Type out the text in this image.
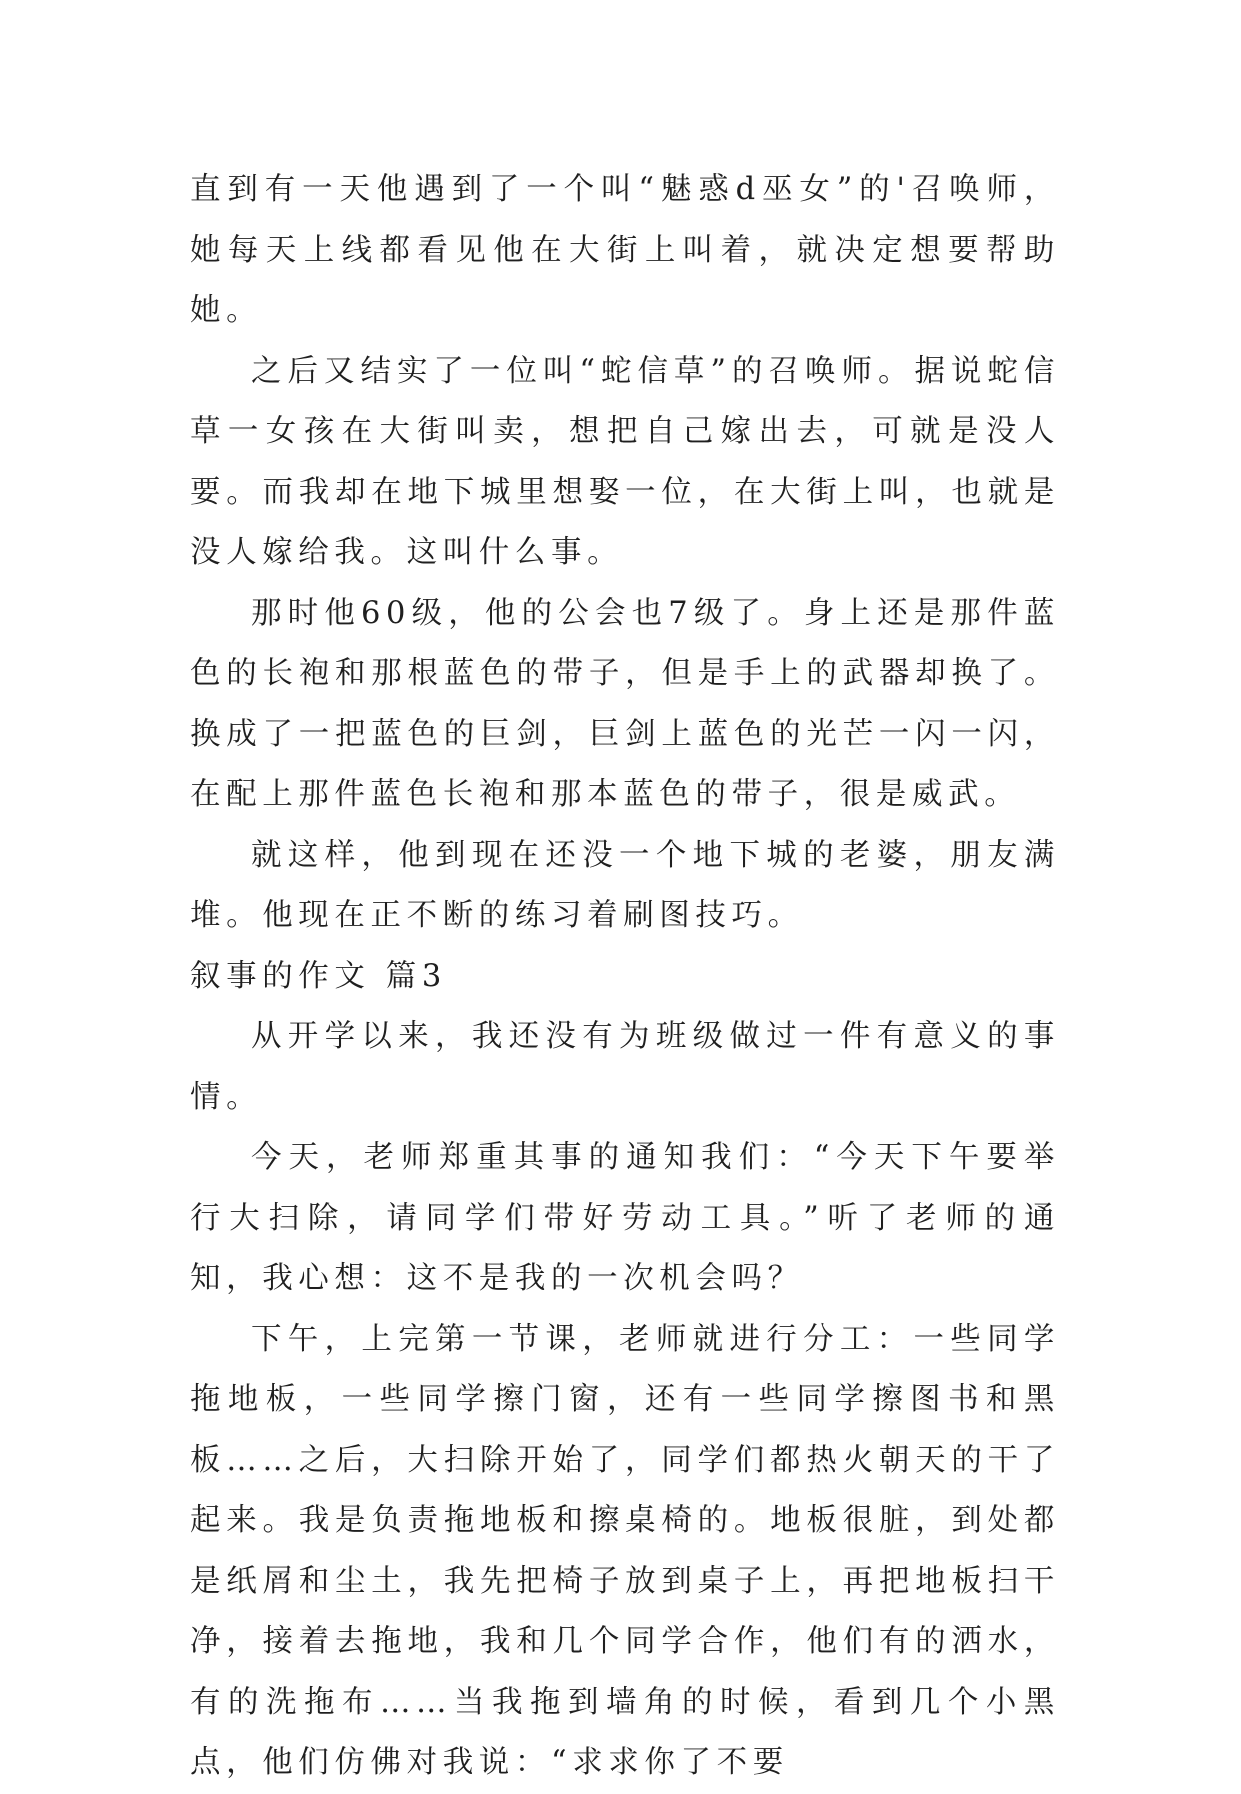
直到有一天他遇到了一个叫“魅惑d巫女”的'召唤师，她每天上线都看见他在大街上叫着，就决定想要帮助她。

之后又结实了一位叫“蛇信草”的召唤师。据说蛇信草一女孩在大街叫卖，想把自己嫁出去，可就是没人要。而我却在地下城里想娶一位，在大街上叫，也就是没人嫁给我。这叫什么事。

那时他60级，他的公会也7级了。身上还是那件蓝色的长袍和那根蓝色的带子，但是手上的武器却换了。换成了一把蓝色的巨剑，巨剑上蓝色的光芒一闪一闪，在配上那件蓝色长袍和那本蓝色的带子，很是威武。

就这样，他到现在还没一个地下城的老婆，朋友满堆。他现在正不断的练习着刷图技巧。

叙事的作文 篇3

从开学以来，我还没有为班级做过一件有意义的事情。

今天，老师郑重其事的通知我们：“今天下午要举行大扫除，请同学们带好劳动工具。”听了老师的通知，我心想：这不是我的一次机会吗？

下午，上完第一节课，老师就进行分工：一些同学拖地板，一些同学擦门窗，还有一些同学擦图书和黑板……之后，大扫除开始了，同学们都热火朝天的干了起来。我是负责拖地板和擦桌椅的。地板很脏，到处都是纸屑和尘土，我先把椅子放到桌子上，再把地板扫干净，接着去拖地，我和几个同学合作，他们有的洒水，有的洗拖布……当我拖到墙角的时候，看到几个小黑点，他们仿佛对我说：“求求你了不要
